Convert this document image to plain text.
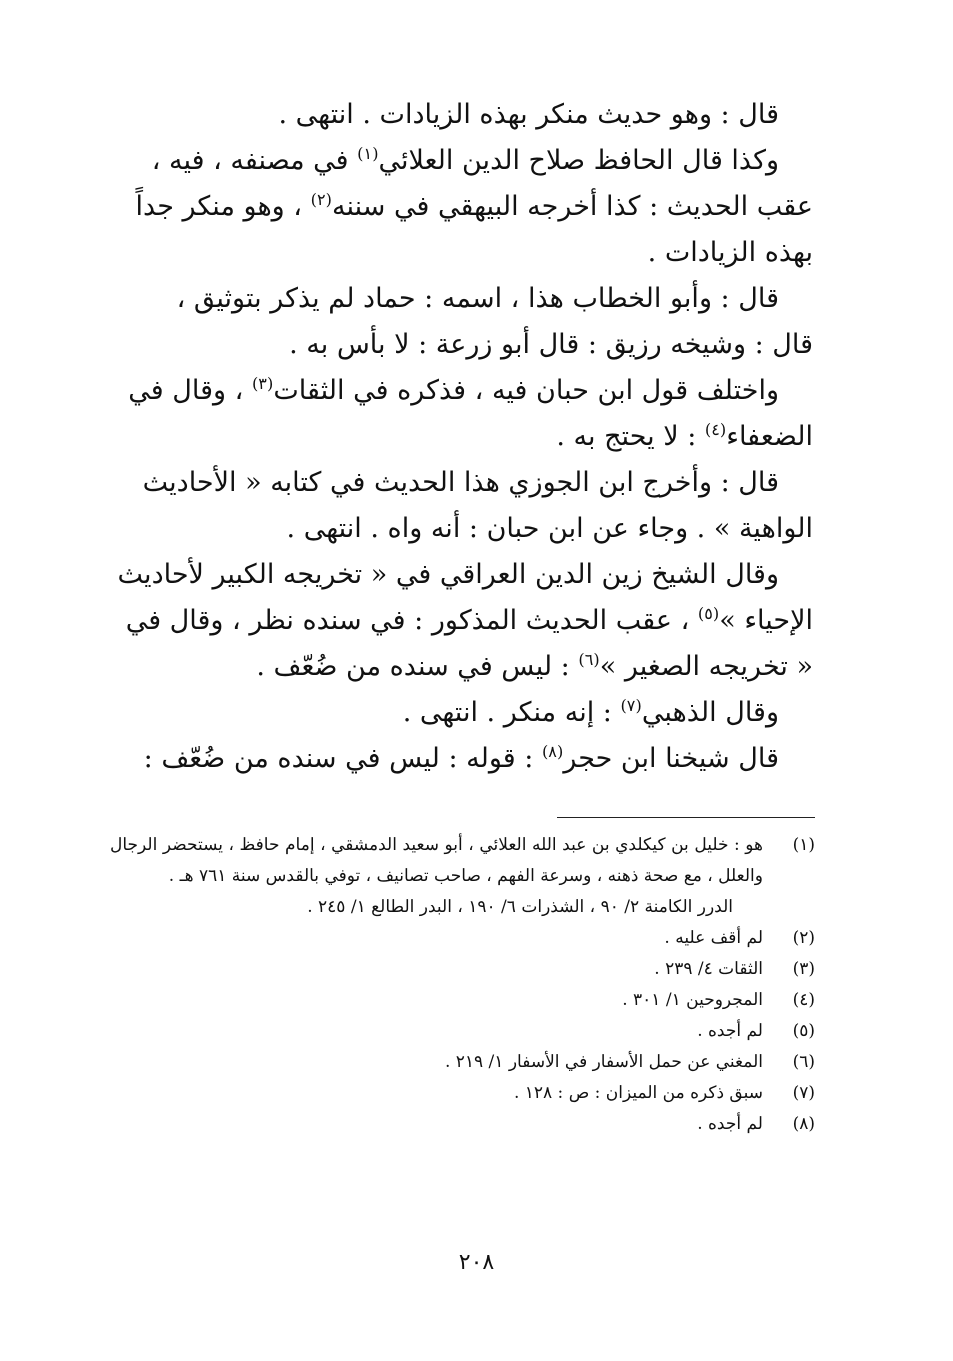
قال : وهو حديث منكر بهذه الزيادات . انتهى .

وكذا قال الحافظ صلاح الدين العلائي$^{(١)}$ في مصنفه ، فيه ،

عقب الحديث : كذا أخرجه البيهقي في سننه$^{(٢)}$ ، وهو منكر جداً

بهذه الزيادات .

قال : وأبو الخطاب هذا ، اسمه : حماد لم يذكر بتوثيق ،

قال : وشيخه رزيق : قال أبو زرعة : لا بأس به .

واختلف قول ابن حبان فيه ، فذكره في الثقات$^{(٣)}$ ، وقال في

الضعفاء$^{(٤)}$ : لا يحتج به .

قال : وأخرج ابن الجوزي هذا الحديث في كتابه « الأحاديث

الواهية » . وجاء عن ابن حبان : أنه واه . انتهى .

وقال الشيخ زين الدين العراقي في « تخريجه الكبير لأحاديث

الإحياء »$^{(٥)}$ ، عقب الحديث المذكور : في سنده نظر ، وقال في

« تخريجه الصغير »$^{(٦)}$ : ليس في سنده من ضُعّف .

وقال الذهبي$^{(٧)}$ : إنه منكر . انتهى .

قال شيخنا ابن حجر$^{(٨)}$ : قوله : ليس في سنده من ضُعّف :

(١)
هو : خليل بن كيكلدي بن عبد الله العلائي ، أبو سعيد الدمشقي ، إمام حافظ ، يستحضر الرجال والعلل ، مع صحة ذهنه ، وسرعة الفهم ، صاحب تصانيف ، توفي بالقدس سنة ٧٦١ هـ .

الدرر الكامنة ٢/ ٩٠ ، الشذرات ٦/ ١٩٠ ، البدر الطالع ١/ ٢٤٥ .

(٢)
لم أقف عليه .
(٣)
الثقات ٤/ ٢٣٩ .
(٤)
المجروحين ١/ ٣٠١ .
(٥)
لم أجده .
(٦)
المغني عن حمل الأسفار في الأسفار ١/ ٢١٩ .
(٧)
سبق ذكره من الميزان : ص : ١٢٨ .
(٨)
لم أجده .
٢٠٨
